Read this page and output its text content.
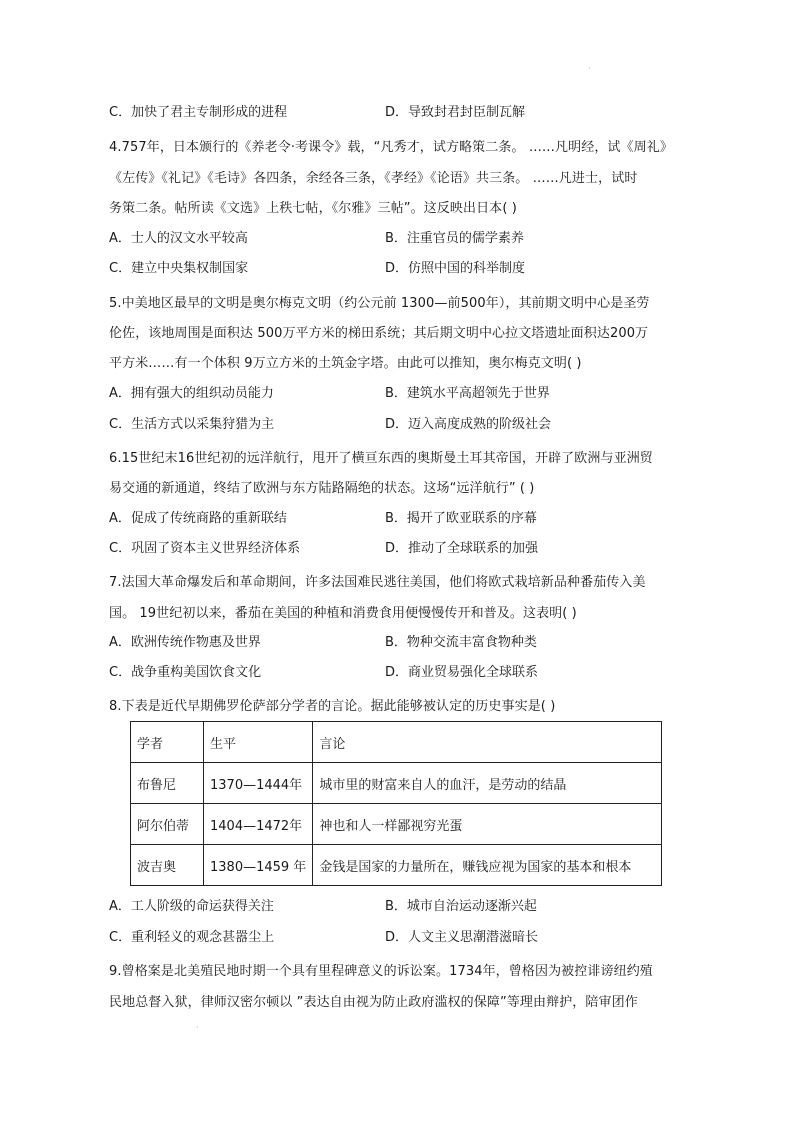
·
C．加快了君主专制形成的进程	D．导致封君封臣制瓦解
4.757年，日本颁行的《养老令·考课令》载，“凡秀才，试方略策二条。 ……凡明经，试《周礼》
《左传》《礼记》《毛诗》各四条，余经各三条，《孝经》《论语》共三条。 ……凡进士，试时
务策二条。帖所读《文选》上秩七帖，《尔雅》三帖”。这反映出日本( )
A．士人的汉文水平较高	B．注重官员的儒学素养
C．建立中央集权制国家	D．仿照中国的科举制度
5.中美地区最早的文明是奥尔梅克文明（约公元前 1300—前500年），其前期文明中心是圣劳
伦佐，该地周围是面积达 500万平方米的梯田系统；其后期文明中心拉文塔遗址面积达200万
平方米……有一个体积 9万立方米的土筑金字塔。由此可以推知，奥尔梅克文明( )
A．拥有强大的组织动员能力	B．建筑水平高超领先于世界
C．生活方式以采集狩猎为主	D．迈入高度成熟的阶级社会
6.15世纪末16世纪初的远洋航行，甩开了横亘东西的奥斯曼土耳其帝国，开辟了欧洲与亚洲贸
易交通的新通道，终结了欧洲与东方陆路隔绝的状态。这场“远洋航行” ( )
A．促成了传统商路的重新联结	B．揭开了欧亚联系的序幕
C．巩固了资本主义世界经济体系	D．推动了全球联系的加强
7.法国大革命爆发后和革命期间，许多法国难民逃往美国，他们将欧式栽培新品种番茄传入美
国。 19世纪初以来，番茄在美国的种植和消费食用便慢慢传开和普及。这表明( )
A．欧洲传统作物惠及世界	B．物种交流丰富食物种类
C．战争重构美国饮食文化	D．商业贸易强化全球联系
8.下表是近代早期佛罗伦萨部分学者的言论。据此能够被认定的历史事实是( )
学者	生平	言论
布鲁尼	1370—1444年	城市里的财富来自人的血汗，是劳动的结晶
阿尔伯蒂	1404—1472年	神也和人一样鄙视穷光蛋
波吉奥	1380—1459 年	金钱是国家的力量所在，赚钱应视为国家的基本和根本
A．工人阶级的命运获得关注	B．城市自治运动逐渐兴起
C．重利轻义的观念甚嚣尘上	D．人文主义思潮潜滋暗长
9.曾格案是北美殖民地时期一个具有里程碑意义的诉讼案。1734年，曾格因为被控诽谤纽约殖
民地总督入狱，律师汉密尔顿以 ”表达自由视为防止政府滥权的保障”等理由辩护，陪审团作
·
